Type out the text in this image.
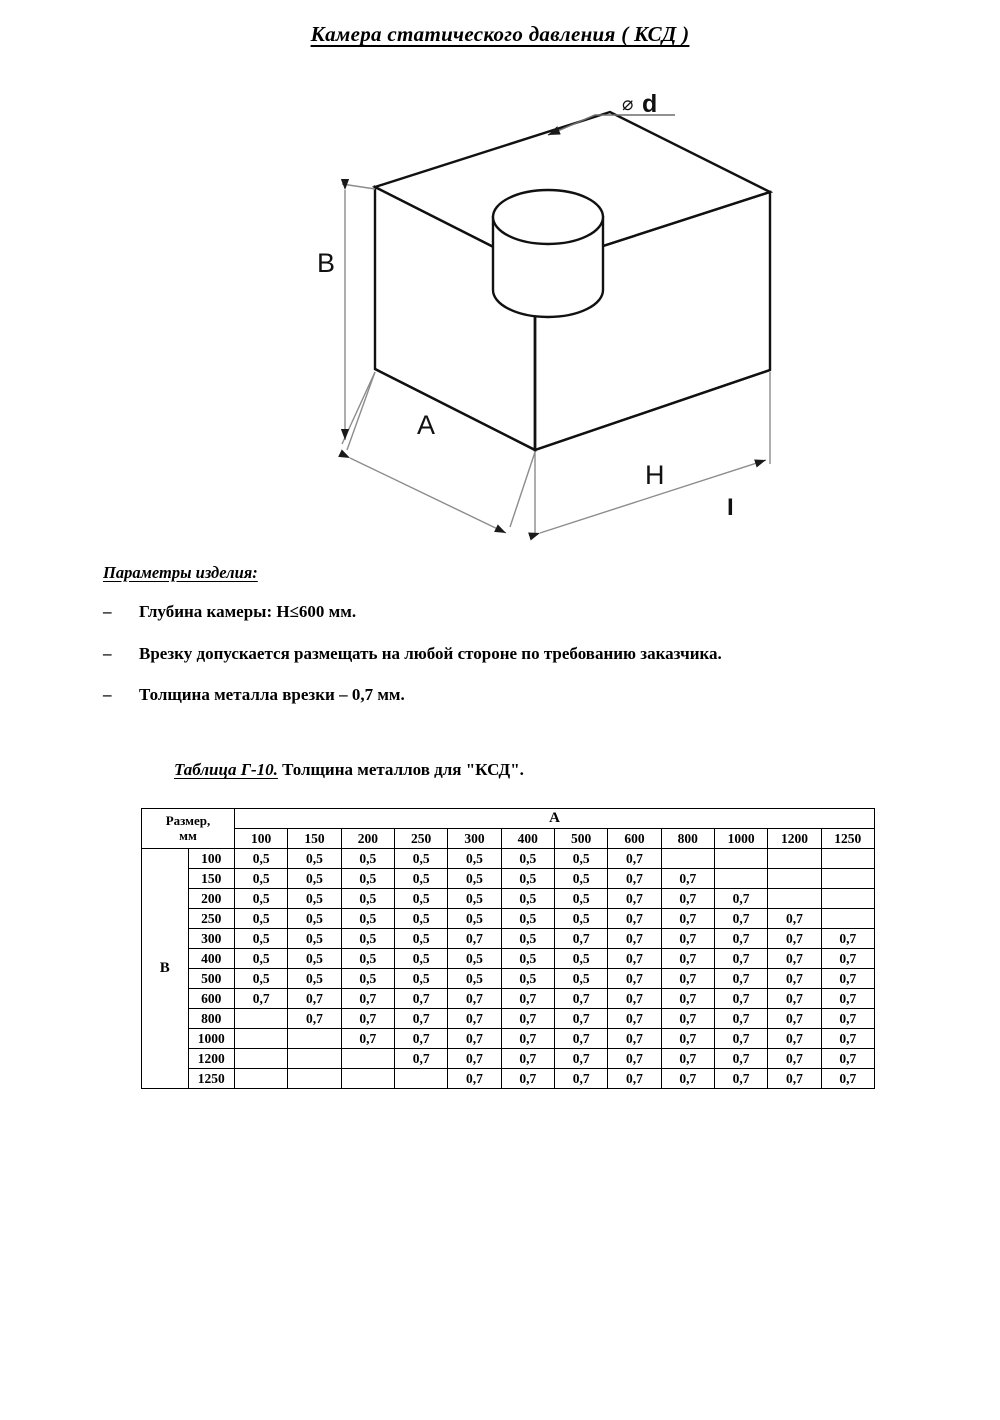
Камера статического давления ( КСД )
⌀ d
B
A
H
I
Параметры изделия:
– Глубина камеры: H≤600 мм.
– Врезку допускается размещать на любой стороне по требованию заказчика.
– Толщина металла врезки – 0,7 мм.
Таблица Г-10. Толщина металлов для "КСД".
Размер,
мм		A											
		100	150	200	250	300	400	500	600	800	1000	1200	1250
B	100	0,5	0,5	0,5	0,5	0,5	0,5	0,5	0,7				
	150	0,5	0,5	0,5	0,5	0,5	0,5	0,5	0,7	0,7			
	200	0,5	0,5	0,5	0,5	0,5	0,5	0,5	0,7	0,7	0,7		
	250	0,5	0,5	0,5	0,5	0,5	0,5	0,5	0,7	0,7	0,7	0,7	
	300	0,5	0,5	0,5	0,5	0,7	0,5	0,7	0,7	0,7	0,7	0,7	0,7
	400	0,5	0,5	0,5	0,5	0,5	0,5	0,5	0,7	0,7	0,7	0,7	0,7
	500	0,5	0,5	0,5	0,5	0,5	0,5	0,5	0,7	0,7	0,7	0,7	0,7
	600	0,7	0,7	0,7	0,7	0,7	0,7	0,7	0,7	0,7	0,7	0,7	0,7
	800		0,7	0,7	0,7	0,7	0,7	0,7	0,7	0,7	0,7	0,7	0,7
	1000			0,7	0,7	0,7	0,7	0,7	0,7	0,7	0,7	0,7	0,7
	1200				0,7	0,7	0,7	0,7	0,7	0,7	0,7	0,7	0,7
	1250					0,7	0,7	0,7	0,7	0,7	0,7	0,7	0,7
